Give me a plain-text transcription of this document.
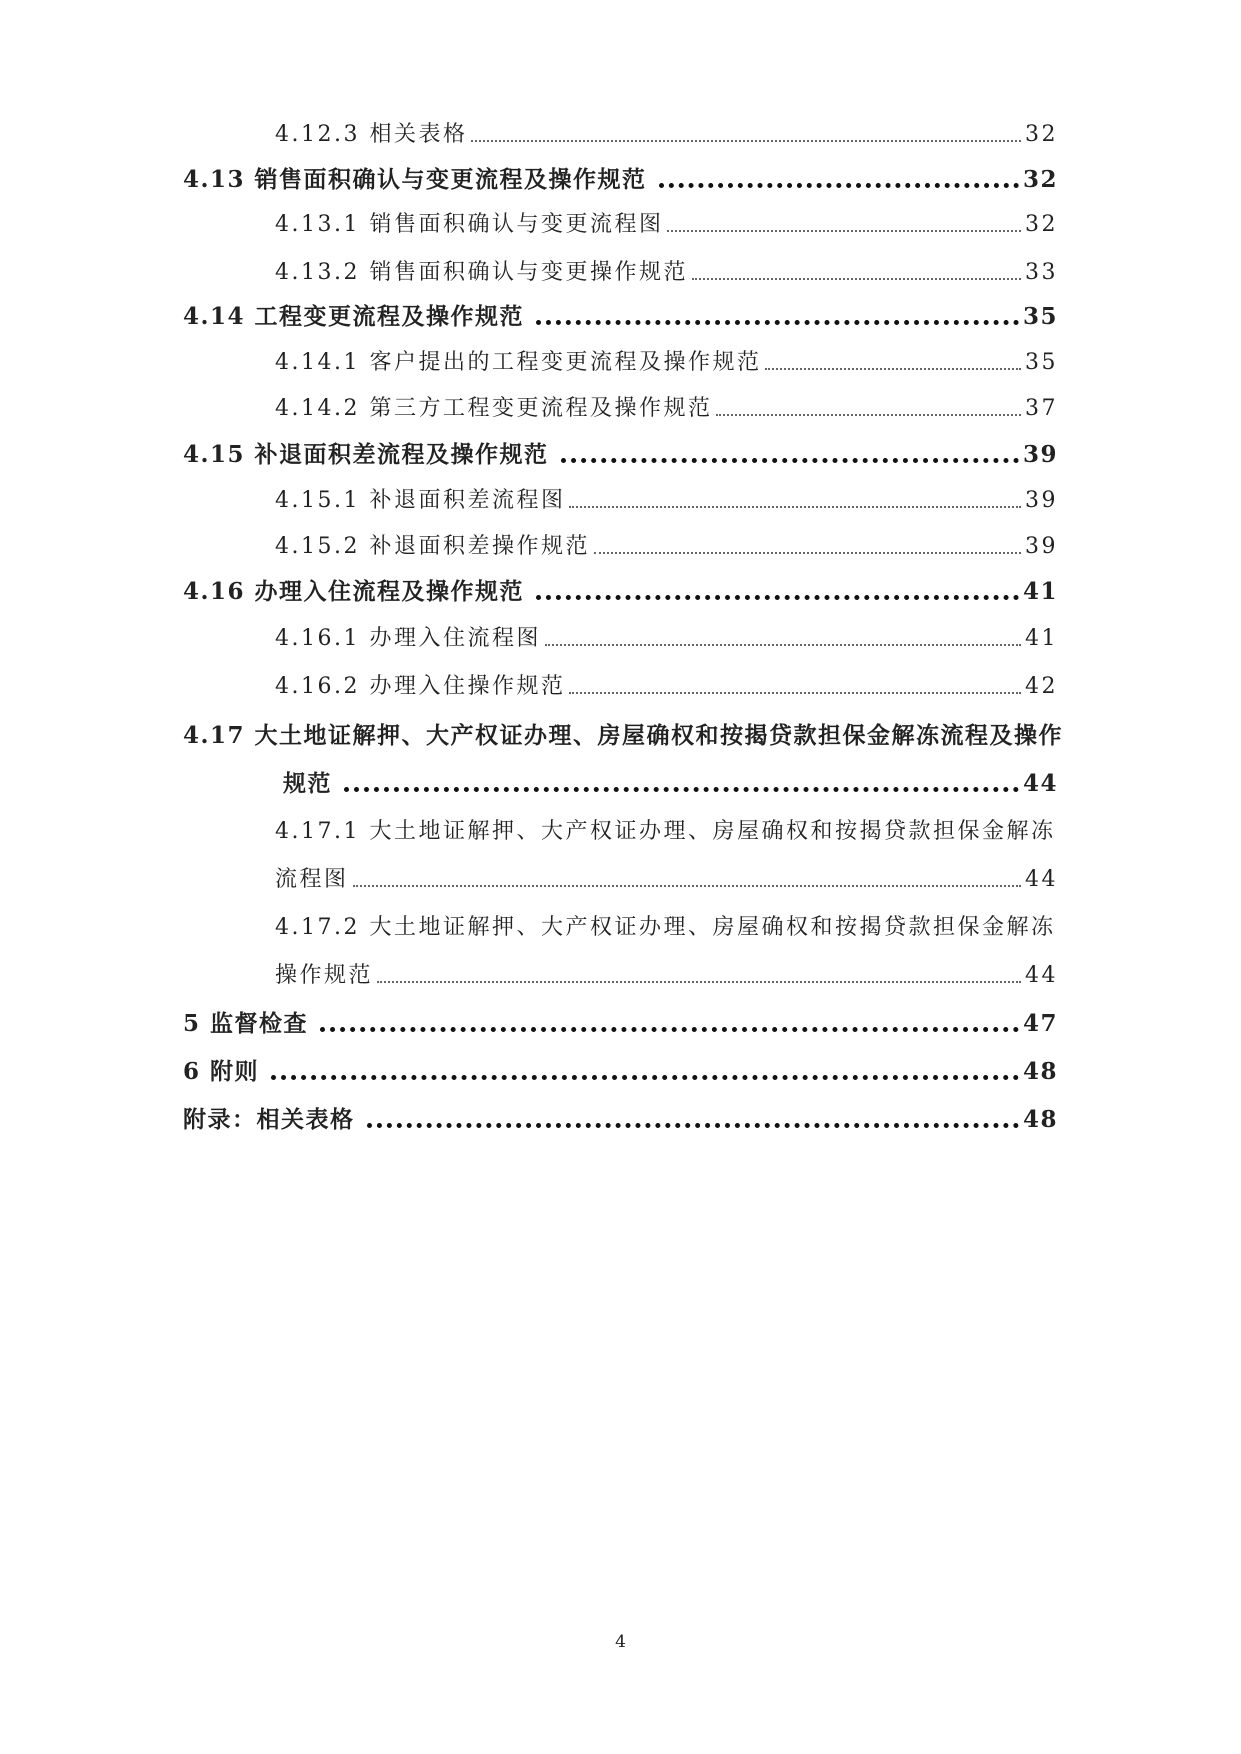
4.12.3 相关表格	32
4.13 销售面积确认与变更流程及操作规范	32
4.13.1 销售面积确认与变更流程图	32
4.13.2 销售面积确认与变更操作规范	33
4.14 工程变更流程及操作规范	35
4.14.1 客户提出的工程变更流程及操作规范	35
4.14.2 第三方工程变更流程及操作规范	37
4.15 补退面积差流程及操作规范	39
4.15.1 补退面积差流程图	39
4.15.2 补退面积差操作规范	39
4.16 办理入住流程及操作规范	41
4.16.1 办理入住流程图	41
4.16.2 办理入住操作规范	42
4.17 大土地证解押、大产权证办理、房屋确权和按揭贷款担保金解冻流程及操作
规范	44
4.17.1 大土地证解押、大产权证办理、房屋确权和按揭贷款担保金解冻
流程图	44
4.17.2 大土地证解押、大产权证办理、房屋确权和按揭贷款担保金解冻
操作规范	44
5 监督检查	47
6 附则	48
附录：相关表格	48
4
